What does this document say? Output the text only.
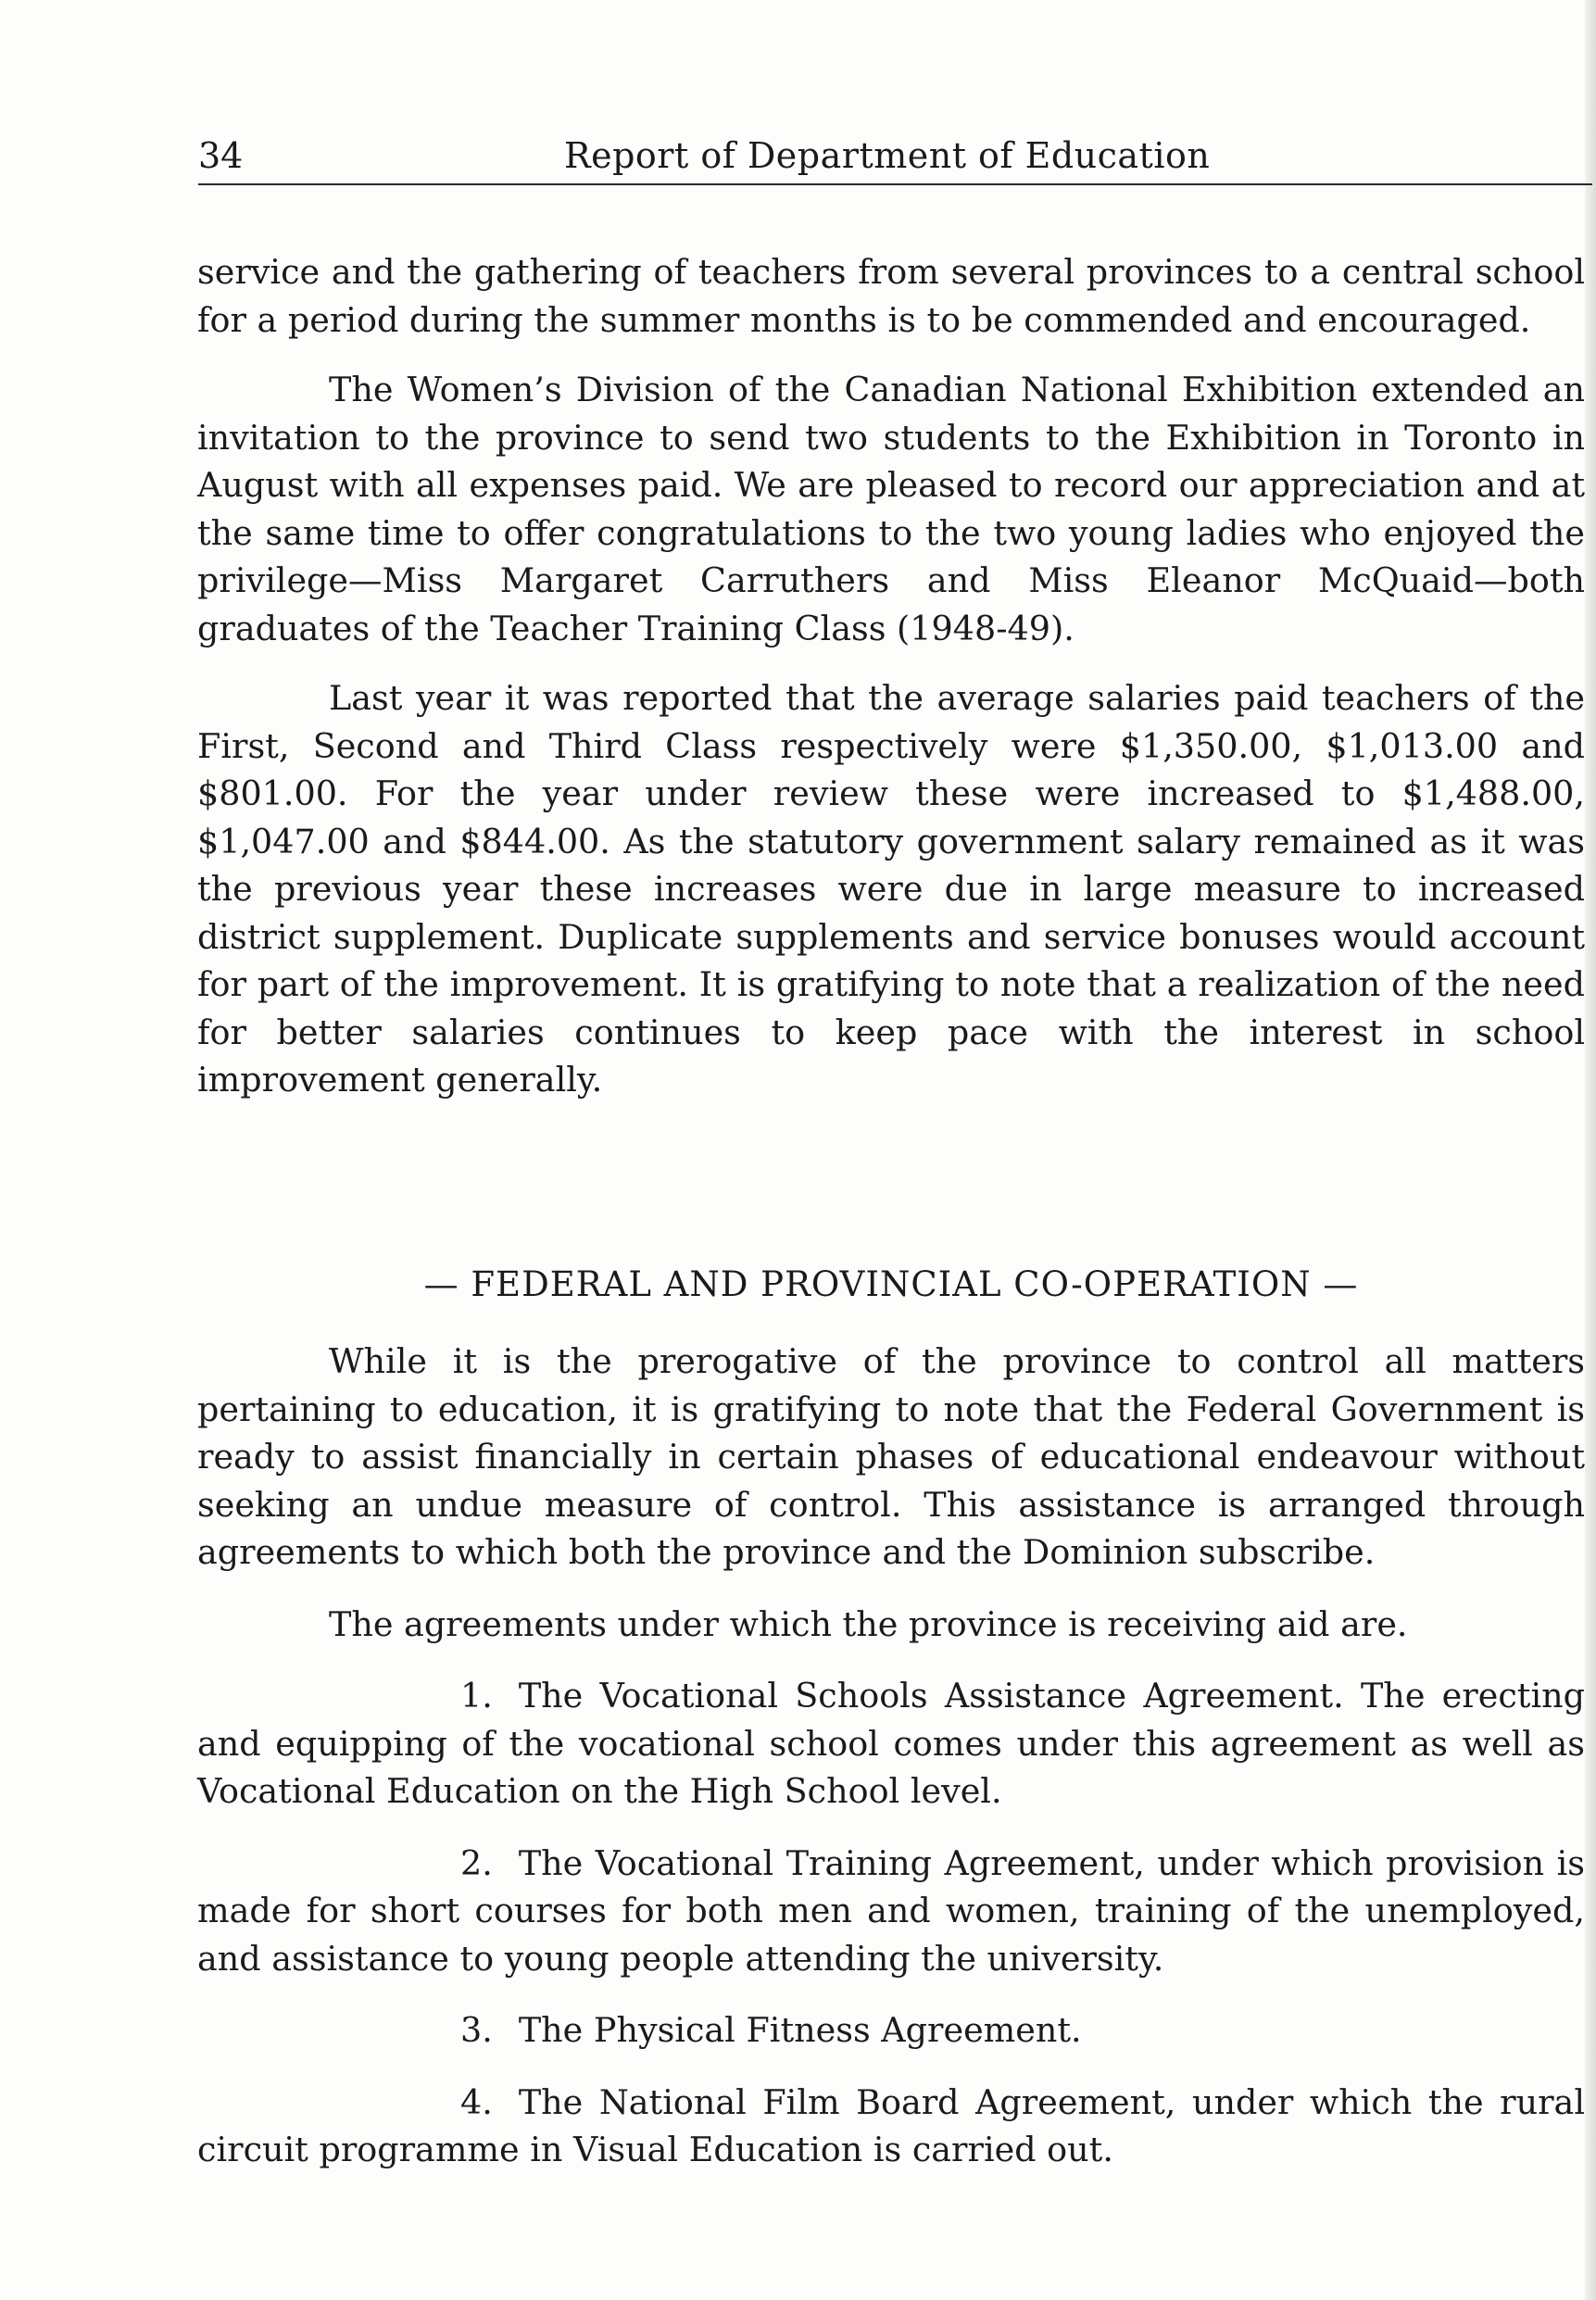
34	Report of Department of Education

service and the gathering of teachers from several provinces to a central school for a period during the summer months is to be commended and encouraged.

The Women’s Division of the Canadian National Exhibition extended an invitation to the province to send two students to the Exhibition in Toronto in August with all expenses paid. We are pleased to record our appreciation and at the same time to offer congratulations to the two young ladies who enjoyed the privilege—Miss Margaret Carruthers and Miss Eleanor McQuaid—both graduates of the Teacher Training Class (1948-49).

Last year it was reported that the average salaries paid teachers of the First, Second and Third Class respectively were $1,350.00, $1,013.00 and $801.00. For the year under review these were increased to $1,488.00, $1,047.00 and $844.00. As the statutory government salary remained as it was the previous year these increases were due in large measure to increased district supplement. Duplicate supplements and service bonuses would account for part of the improvement. It is gratifying to note that a realization of the need for better salaries continues to keep pace with the interest in school improvement generally.

— FEDERAL AND PROVINCIAL CO-OPERATION —

While it is the prerogative of the province to control all matters pertaining to education, it is gratifying to note that the Federal Government is ready to assist financially in certain phases of educational endeavour without seeking an undue measure of control. This assistance is arranged through agreements to which both the province and the Dominion subscribe.

The agreements under which the province is receiving aid are.

1. The Vocational Schools Assistance Agreement. The erecting and equipping of the vocational school comes under this agreement as well as Vocational Education on the High School level.

2. The Vocational Training Agreement, under which provision is made for short courses for both men and women, training of the unemployed, and assistance to young people attending the university.

3. The Physical Fitness Agreement.

4. The National Film Board Agreement, under which the rural circuit programme in Visual Education is carried out.
